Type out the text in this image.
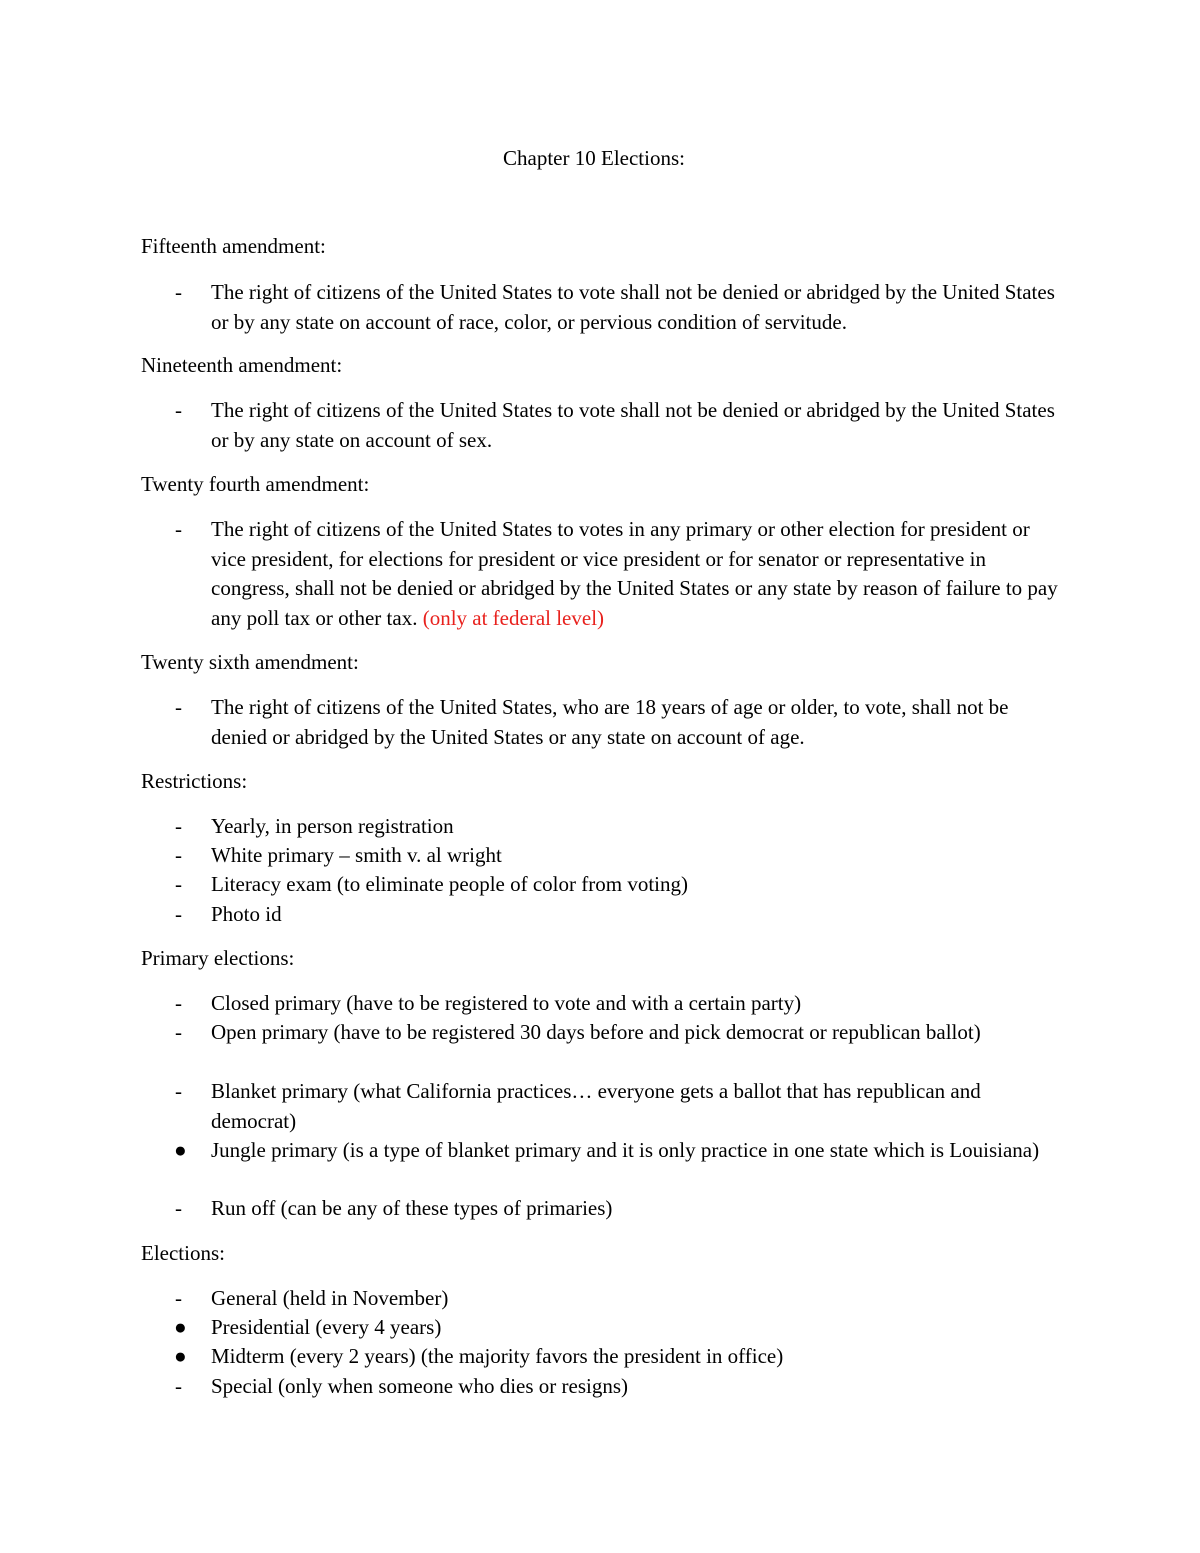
Chapter 10 Elections:
Fifteenth amendment:
-	The right of citizens of the United States to vote shall not be denied or abridged by the United States or by any state on account of race, color, or pervious condition of servitude.
Nineteenth amendment:
-	The right of citizens of the United States to vote shall not be denied or abridged by the United States or by any state on account of sex.
Twenty fourth amendment:
-	The right of citizens of the United States to votes in any primary or other election for president or vice president, for elections for president or vice president or for senator or representative in congress, shall not be denied or abridged by the United States or any state by reason of failure to pay any poll tax or other tax. (only at federal level)
Twenty sixth amendment:
-	The right of citizens of the United States, who are 18 years of age or older, to vote, shall not be denied or abridged by the United States or any state on account of age.
Restrictions:
-	Yearly, in person registration
-	White primary – smith v. al wright
-	Literacy exam (to eliminate people of color from voting)
-	Photo id
Primary elections:
-	Closed primary (have to be registered to vote and with a certain party)
-	Open primary (have to be registered 30 days before and pick democrat or republican ballot)
-	Blanket primary (what California practices… everyone gets a ballot that has republican and democrat)
●	Jungle primary (is a type of blanket primary and it is only practice in one state which is Louisiana)
-	Run off (can be any of these types of primaries)
Elections:
-	General (held in November)
●	Presidential (every 4 years)
●	Midterm (every 2 years) (the majority favors the president in office)
-	Special (only when someone who dies or resigns)
